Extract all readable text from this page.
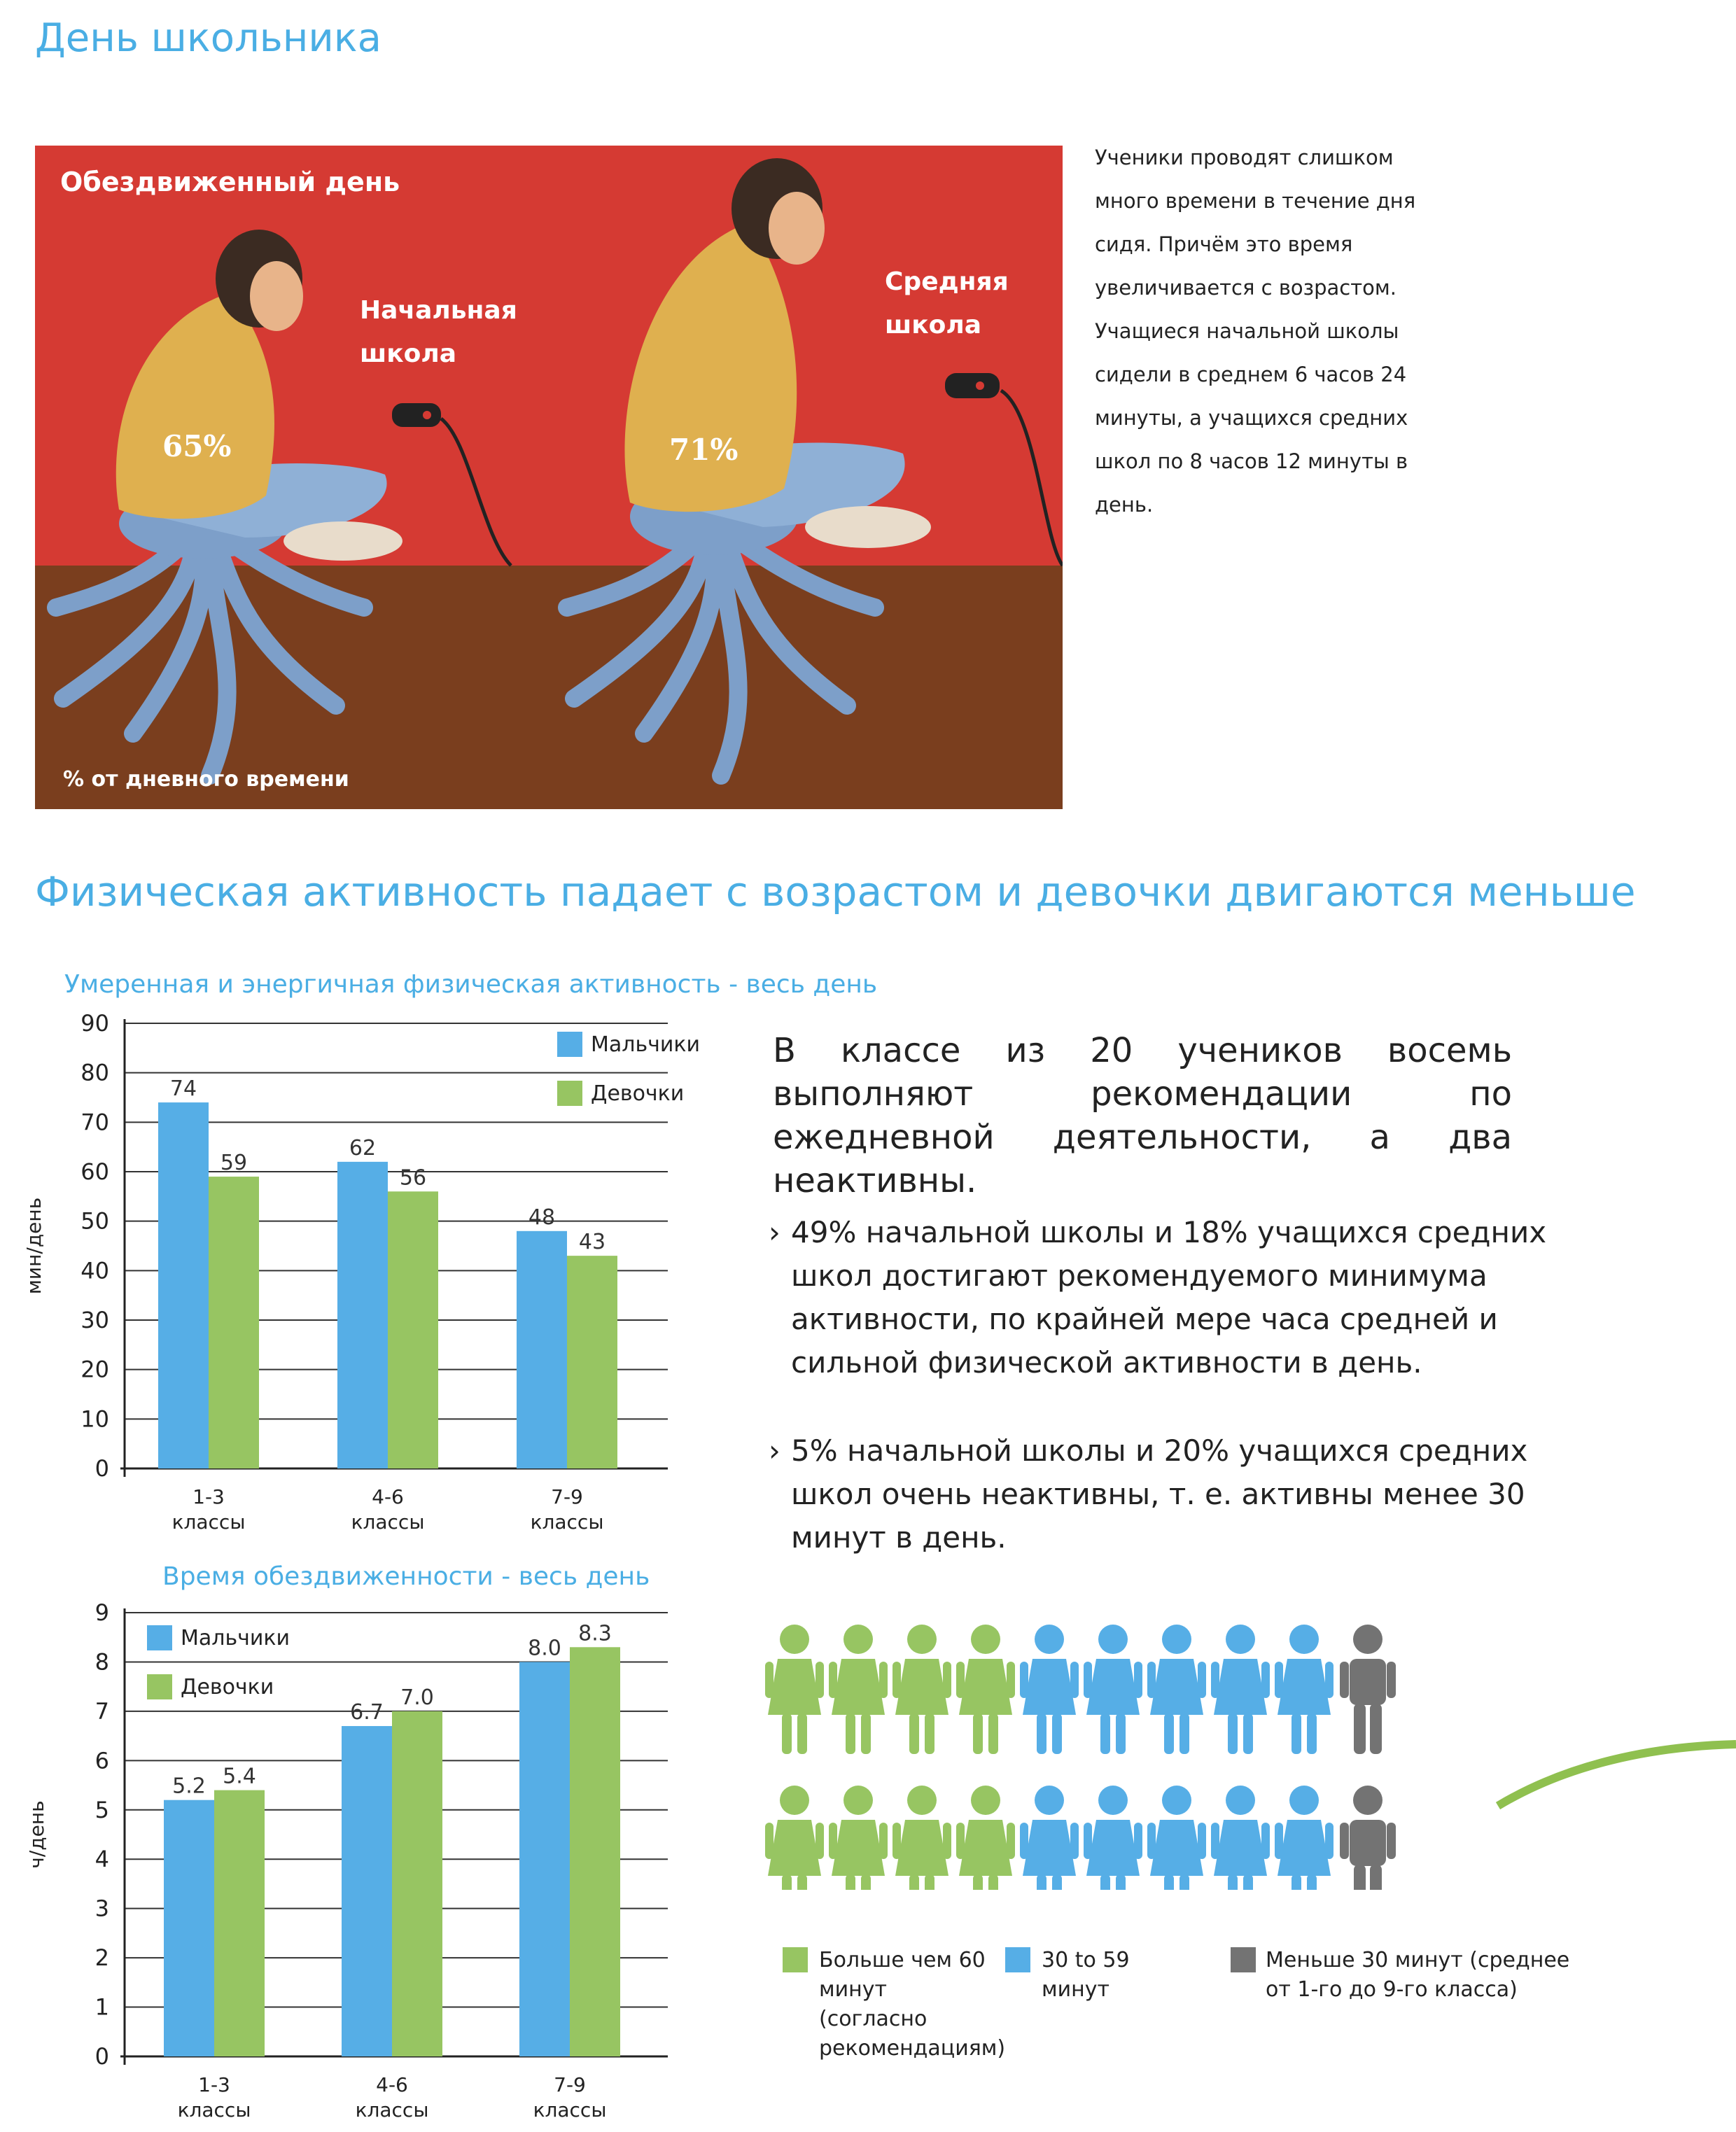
День школьника
Обездвиженный день
Начальная
школа
Средняя
школа
65%	71%
% от дневного времени
Ученики проводят слишком
много времени в течение дня
сидя. Причём это время
увеличивается с возрастом.
Учащиеся начальной школы
сидели в среднем 6 часов 24
минуты, а учащихся средних
школ по 8 часов 12 минуты в
день.
Физическая активность падает с возрастом и девочки двигаются меньше
Умеренная и энергичная физическая активность - весь день
0
10
20
30
40
50
60
70
80
90
мин/день
74
62
48
59
56
43
1-3
классы
4-6
классы
7-9
классы
Мальчики
Девочки
Время обездвиженности - весь день
0
1
2
3
4
5
6
7
8
9
ч/день
5.2
6.7
8.0
5.4
7.0
8.3
1-3
классы
4-6
классы
7-9
классы
Мальчики
Девочки
В классе из 20 учеников восемь
выполняют рекомендации по
ежедневной деятельности, а два
неактивны.
› 49% начальной школы и 18% учащихся средних
школ достигают рекомендуемого минимума
активности, по крайней мере часа средней и
сильной физической активности в день.
› 5% начальной школы и 20% учащихся средних
школ очень неактивны, т. е. активны менее 30
минут в день.
Больше чем 60
минут
(согласно
рекомендациям)
30 to 59
минут
Меньше 30 минут (среднее
от 1-го до 9-го класса)
